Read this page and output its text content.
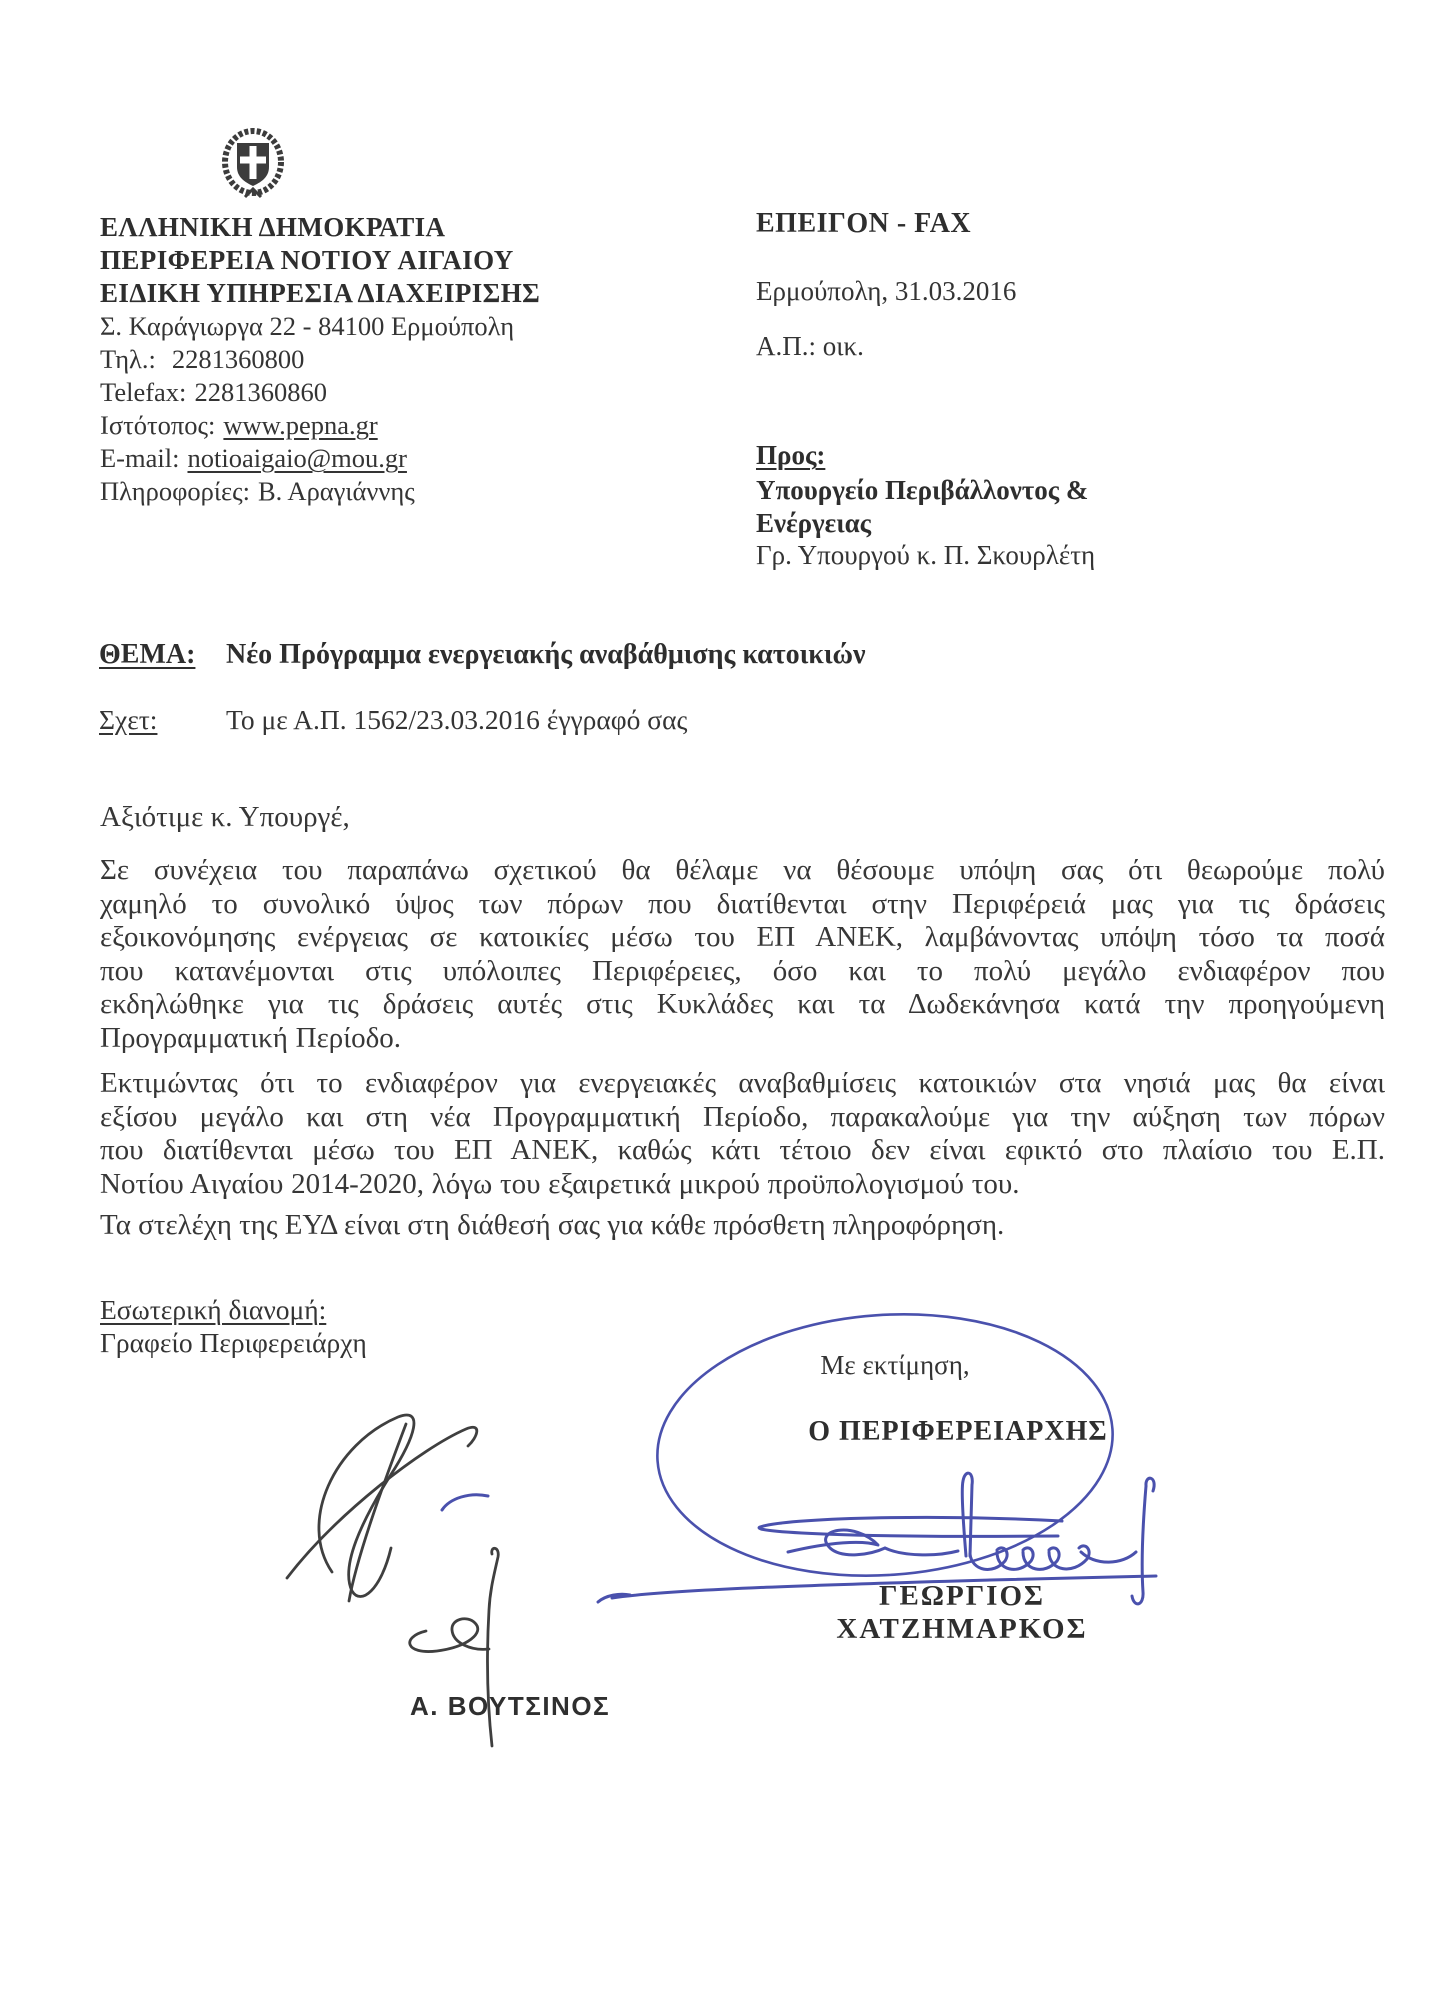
ΕΛΛΗΝΙΚΗ ΔΗΜΟΚΡΑΤΙΑ
ΠΕΡΙΦΕΡΕΙΑ ΝΟΤΙΟΥ ΑΙΓΑΙΟΥ
ΕΙΔΙΚΗ ΥΠΗΡΕΣΙΑ ΔΙΑΧΕΙΡΙΣΗΣ
Σ. Καράγιωργα 22 - 84100 Ερμούπολη
Τηλ.: 2281360800
Telefax: 2281360860
Ιστότοπος: www.pepna.gr
E-mail: notioaigaio@mou.gr
Πληροφορίες: Β. Αραγιάννης
ΕΠΕΙΓΟΝ - FAX
Ερμούπολη, 31.03.2016
Α.Π.: οικ.
Προς:
Υπουργείο Περιβάλλοντος &
Ενέργειας
Γρ. Υπουργού κ. Π. Σκουρλέτη
ΘΕΜΑ:	Νέο Πρόγραμμα ενεργειακής αναβάθμισης κατοικιών
Σχετ:	Το με Α.Π. 1562/23.03.2016 έγγραφό σας
Αξιότιμε κ. Υπουργέ,
Σε συνέχεια του παραπάνω σχετικού θα θέλαμε να θέσουμε υπόψη σας ότι θεωρούμε πολύ
χαμηλό το συνολικό ύψος των πόρων που διατίθενται στην Περιφέρειά μας για τις δράσεις
εξοικονόμησης ενέργειας σε κατοικίες μέσω του ΕΠ ΑΝΕΚ, λαμβάνοντας υπόψη τόσο τα ποσά
που κατανέμονται στις υπόλοιπες Περιφέρειες, όσο και το πολύ μεγάλο ενδιαφέρον που
εκδηλώθηκε για τις δράσεις αυτές στις Κυκλάδες και τα Δωδεκάνησα κατά την προηγούμενη
Προγραμματική Περίοδο.
Εκτιμώντας ότι το ενδιαφέρον για ενεργειακές αναβαθμίσεις κατοικιών στα νησιά μας θα είναι
εξίσου μεγάλο και στη νέα Προγραμματική Περίοδο, παρακαλούμε για την αύξηση των πόρων
που διατίθενται μέσω του ΕΠ ΑΝΕΚ, καθώς κάτι τέτοιο δεν είναι εφικτό στο πλαίσιο του Ε.Π.
Νοτίου Αιγαίου 2014-2020, λόγω του εξαιρετικά μικρού προϋπολογισμού του.
Τα στελέχη της ΕΥΔ είναι στη διάθεσή σας για κάθε πρόσθετη πληροφόρηση.
Εσωτερική διανομή:
Γραφείο Περιφερειάρχη
Με εκτίμηση,
Ο ΠΕΡΙΦΕΡΕΙΑΡΧΗΣ
ΓΕΩΡΓΙΟΣ ΧΑΤΖΗΜΑΡΚΟΣ
Α. ΒΟΥΤΣΙΝΟΣ
